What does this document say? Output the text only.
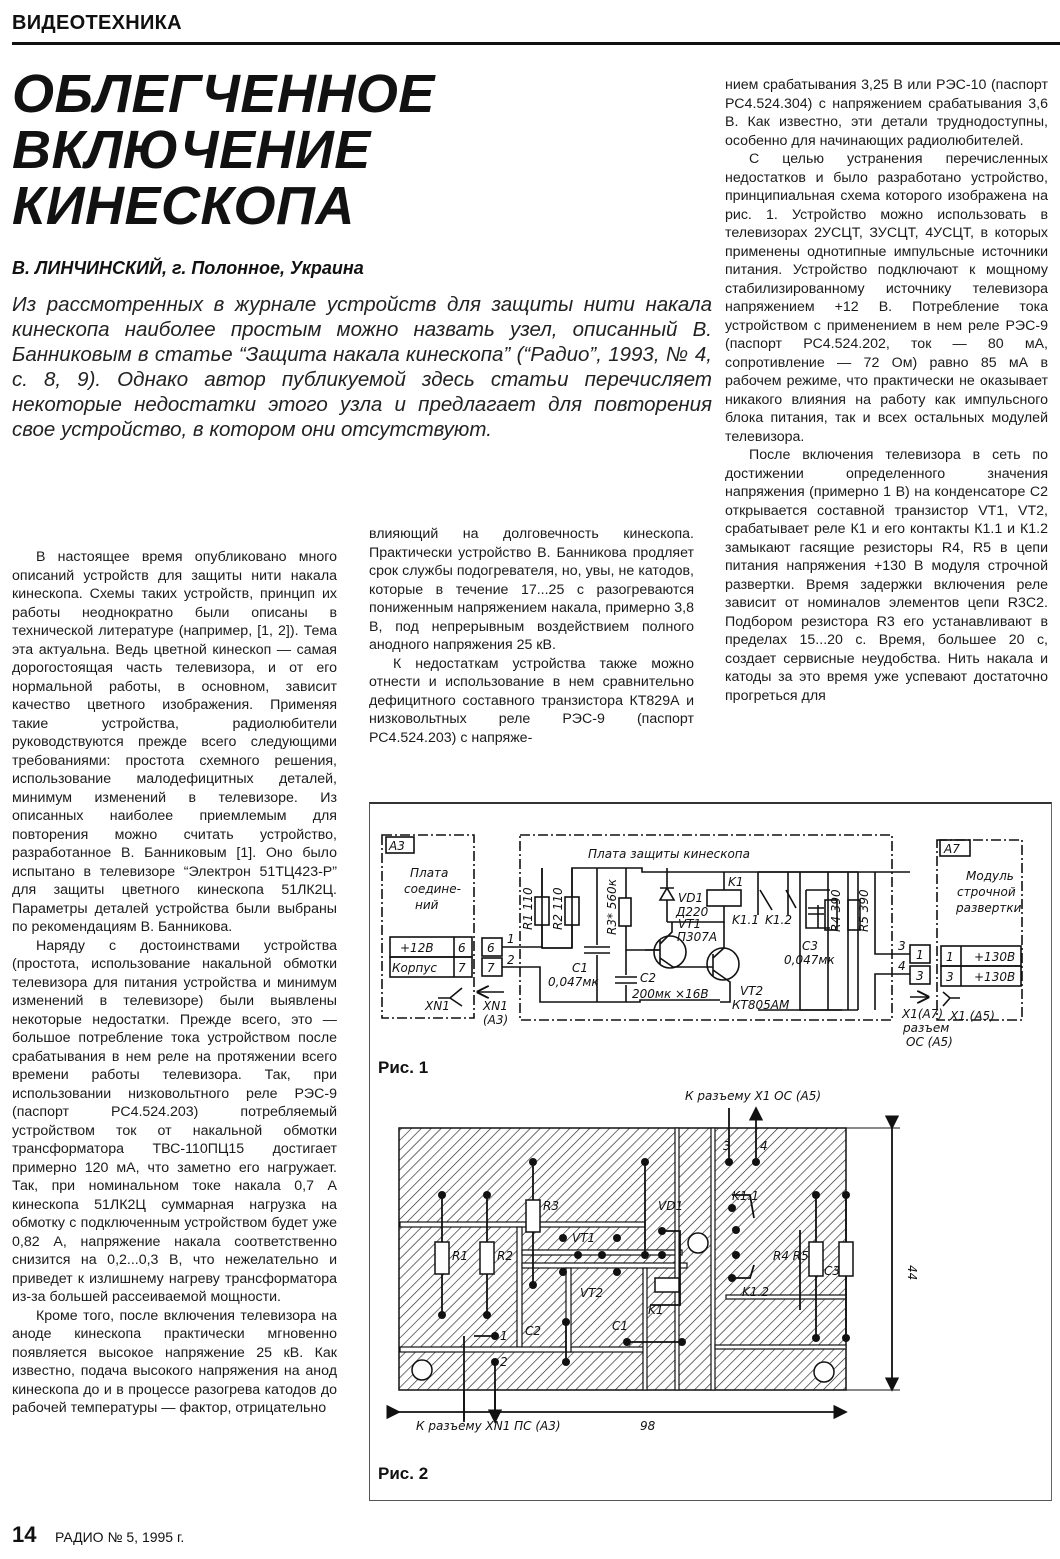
ВИДЕОТЕХНИКА
ОБЛЕГЧЕННОЕ
ВКЛЮЧЕНИЕ
КИНЕСКОПА
В. ЛИНЧИНСКИЙ, г. Полонное, Украина
Из рассмотренных в журнале устройств для защиты нити накала кинескопа наиболее простым можно назвать узел, описанный В. Банниковым в статье “Защита накала кинескопа” (“Радио”, 1993, № 4, с. 8, 9). Однако автор публикуемой здесь статьи перечисляет некоторые недостатки этого узла и предлагает для повторения свое устройство, в котором они отсутствуют.

В настоящее время опубликовано много описаний устройств для защиты нити накала кинескопа. Схемы таких устройств, принцип их работы неоднократно были описаны в технической литературе (например, [1, 2]). Тема эта актуальна. Ведь цветной кинескоп — самая дорогостоящая часть телевизора, и от его нормальной работы, в основном, зависит качество цветного изображения. Применяя такие устройства, радиолюбители руководствуются прежде всего следующими требованиями: простота схемного решения, использование малодефицитных деталей, минимум изменений в телевизоре. Из описанных наиболее приемлемым для повторения можно считать устройство, разработанное В. Банниковым [1]. Оно было испытано в телевизоре “Электрон 51ТЦ423-Р” для защиты цветного кинескопа 51ЛК2Ц. Параметры деталей устройства были выбраны по рекомендациям В. Банникова.

Наряду с достоинствами устройства (простота, использование накальной обмотки телевизора для питания устройства и минимум изменений в телевизоре) были выявлены некоторые недостатки. Прежде всего, это — большое потребление тока устройством после срабатывания в нем реле на протяжении всего времени работы телевизора. Так, при использовании низковольтного реле РЭС-9 (паспорт РС4.524.203) потребляемый устройством ток от накальной обмотки трансформатора ТВС-110ПЦ15 достигает примерно 120 мА, что заметно его нагружает. Так, при номинальном токе накала 0,7 А кинескопа 51ЛК2Ц суммарная нагрузка на обмотку с подключенным устройством будет уже 0,82 А, напряжение накала соответственно снизится на 0,2...0,3 В, что нежелательно и приведет к излишнему нагреву трансформатора из-за большей рассеиваемой мощности.

Кроме того, после включения телевизора на аноде кинескопа практически мгновенно появляется высокое напряжение 25 кВ. Как известно, подача высокого напряжения на анод кинескопа до и в процессе разогрева катодов до рабочей температуры — фактор, отрицательно

влияющий на долговечность кинескопа. Практически устройство В. Банникова продляет срок службы подогревателя, но, увы, не катодов, которые в течение 17...25 с разогреваются пониженным напряжением накала, примерно 3,8 В, под непрерывным воздействием полного анодного напряжения 25 кВ.

К недостаткам устройства также можно отнести и использование в нем сравнительно дефицитного составного транзистора КТ829А и низковольтных реле РЭС-9 (паспорт РС4.524.203) с напряже-

нием срабатывания 3,25 В или РЭС-10 (паспорт РС4.524.304) с напряжением срабатывания 3,6 В. Как известно, эти детали труднодоступны, особенно для начинающих радиолюбителей.

С целью устранения перечисленных недостатков и было разработано устройство, принципиальная схема которого изображена на рис. 1. Устройство можно использовать в телевизорах 2УСЦТ, ЗУСЦТ, 4УСЦТ, в которых применены однотипные импульсные источники питания. Устройство подключают к мощному стабилизированному источнику телевизора напряжением +12 В. Потребление тока устройством с применением в нем реле РЭС-9 (паспорт РС4.524.202, ток — 80 мА, сопротивление — 72 Ом) равно 85 мА в рабочем режиме, что практически не оказывает никакого влияния на работу как импульсного блока питания, так и всех остальных модулей телевизора.

После включения телевизора в сеть по достижении определенного значения напряжения (примерно 1 В) на конденсаторе С2 открывается составной транзистор VT1, VT2, срабатывает реле К1 и его контакты К1.1 и К1.2 замыкают гасящие резисторы R4, R5 в цепи питания напряжения +130 В модуля строчной развертки. Время задержки включения реле зависит от номиналов элементов цепи R3C2. Подбором резистора R3 его устанавливают в пределах 15...20 с. Время, большее 20 с, создает сервисные неудобства. Нить накала и катоды за это время уже успевают достаточно прогреться для

А3
Плата
соедине-
ний
+12В 6
Корпус 7
XN1
6
7
1
2
XN1
(А3)
Плата защиты кинескопа
R1 110 R2 110	R3* 560к
C1
0,047мк	C2
200мк ×16В
VD1
Д220
VT1
П307А
VT2
КТ805АМ
K1
K1.1 K1.2
C3
0,047мк
R4 390 R5 390
3
4
1
3
X1(А7)
разъем
ОС (А5)
А7
Модуль
строчной
развертки
1 +130В
3 +130В
X1 (А5)
Рис. 1
К разъему X1 ОС (А5)
К разъему XN1 ПС (А3)	98
44
R1 R2
R3	VD1
VT1
VT2
C1
C2
K1
K1.1
K1.2
R4 R5
C3
1
2
3 4
Рис. 2
14 РАДИО № 5, 1995 г.
